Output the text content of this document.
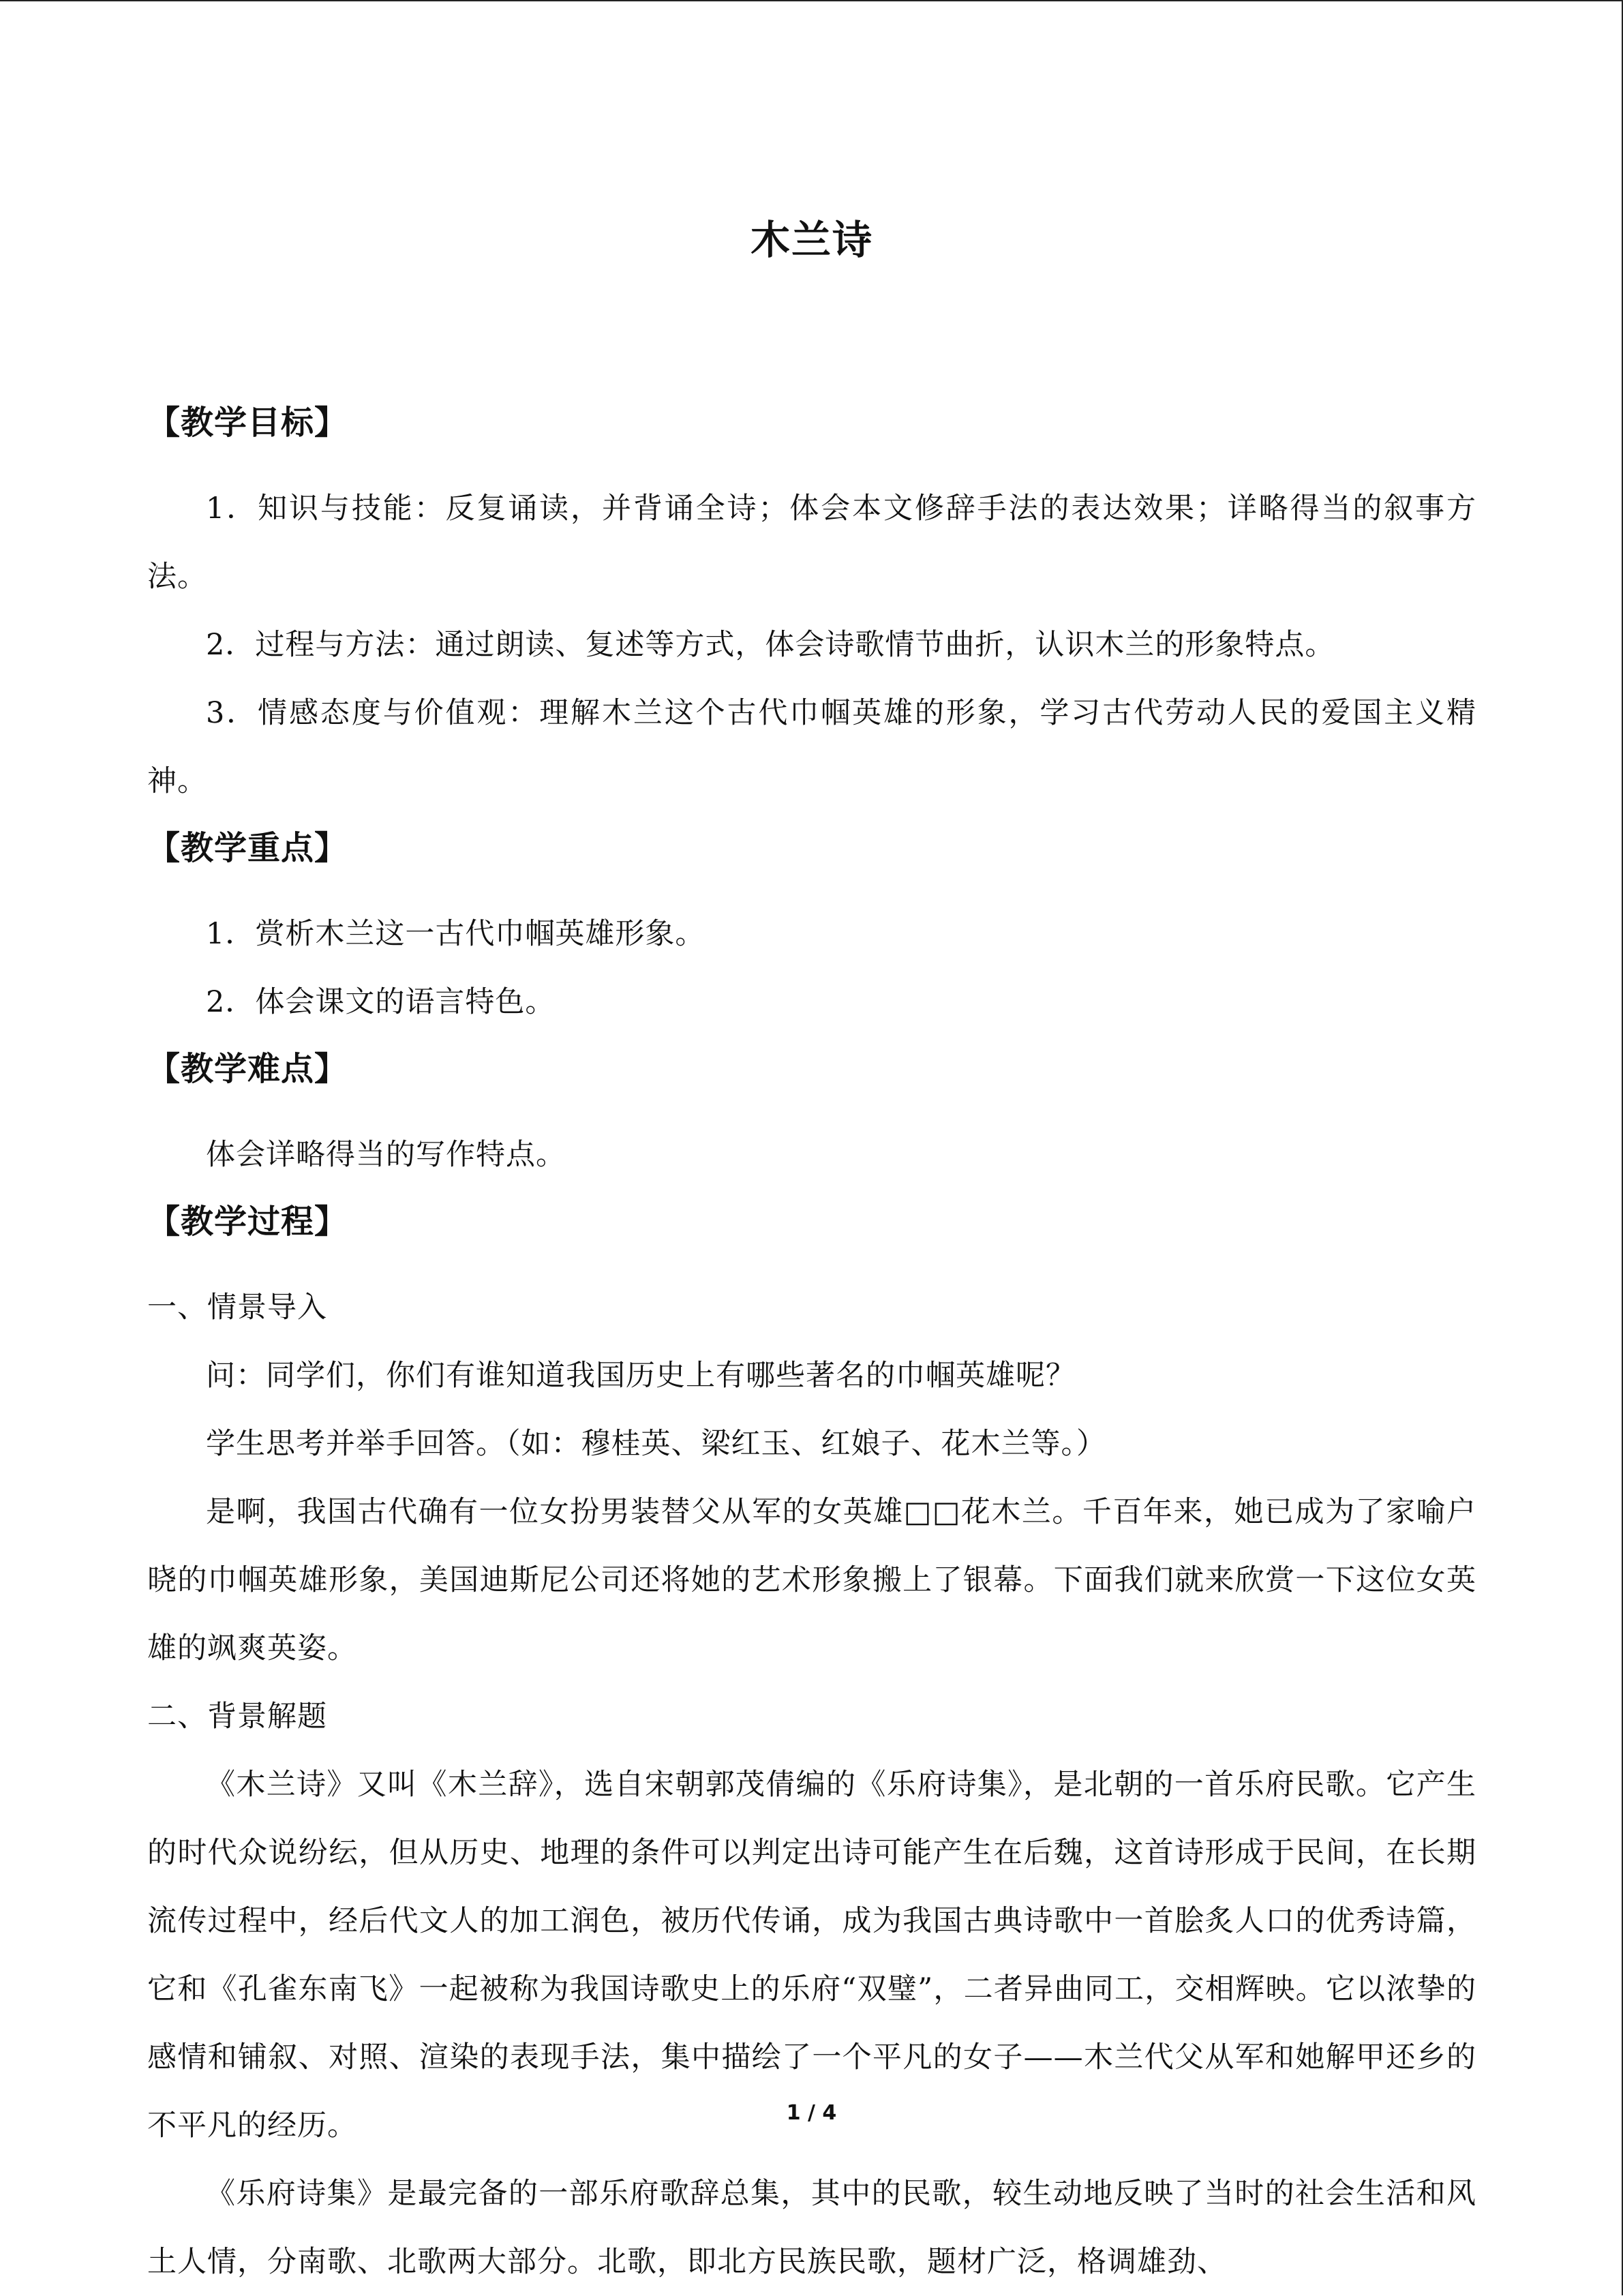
木兰诗
【教学目标】

1．知识与技能：反复诵读，并背诵全诗；体会本文修辞手法的表达效果；详略得当的叙事方法。

2．过程与方法：通过朗读、复述等方式，体会诗歌情节曲折，认识木兰的形象特点。

3．情感态度与价值观：理解木兰这个古代巾帼英雄的形象，学习古代劳动人民的爱国主义精神。

【教学重点】

1．赏析木兰这一古代巾帼英雄形象。

2．体会课文的语言特色。

【教学难点】

体会详略得当的写作特点。

【教学过程】

一、情景导入

问：同学们，你们有谁知道我国历史上有哪些著名的巾帼英雄呢？

学生思考并举手回答。（如：穆桂英、梁红玉、红娘子、花木兰等。）

是啊，我国古代确有一位女扮男装替父从军的女英雄□□花木兰。千百年来，她已成为了家喻户晓的巾帼英雄形象，美国迪斯尼公司还将她的艺术形象搬上了银幕。下面我们就来欣赏一下这位女英雄的飒爽英姿。

二、背景解题

《木兰诗》又叫《木兰辞》，选自宋朝郭茂倩编的《乐府诗集》，是北朝的一首乐府民歌。它产生的时代众说纷纭，但从历史、地理的条件可以判定出诗可能产生在后魏，这首诗形成于民间，在长期流传过程中，经后代文人的加工润色，被历代传诵，成为我国古典诗歌中一首脍炙人口的优秀诗篇，它和《孔雀东南飞》一起被称为我国诗歌史上的乐府“双璧”，二者异曲同工，交相辉映。它以浓挚的感情和铺叙、对照、渲染的表现手法，集中描绘了一个平凡的女子——木兰代父从军和她解甲还乡的不平凡的经历。

《乐府诗集》是最完备的一部乐府歌辞总集，其中的民歌，较生动地反映了当时的社会生活和风土人情，分南歌、北歌两大部分。北歌，即北方民族民歌，题材广泛，格调雄劲、

1 / 4
